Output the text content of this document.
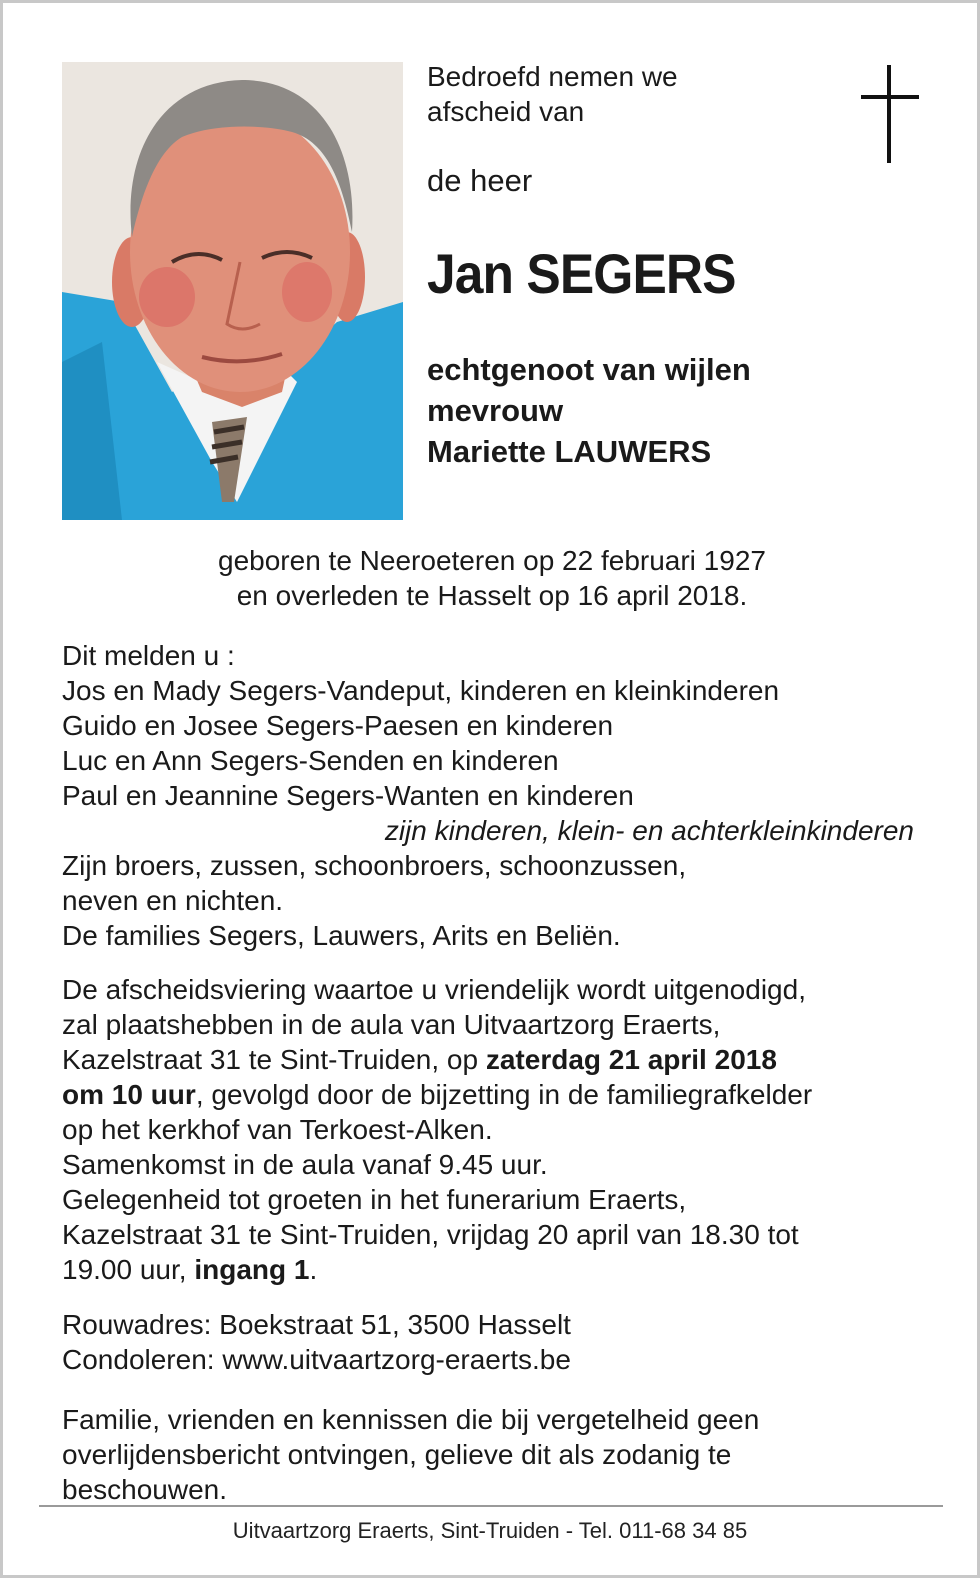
Bedroefd nemen we
afscheid van
de heer
Jan SEGERS
echtgenoot van wijlen
mevrouw
Mariette LAUWERS
geboren te Neeroeteren op 22 februari 1927
en overleden te Hasselt op 16 april 2018.

Dit melden u :

Jos en Mady Segers-Vandeput, kinderen en kleinkinderen

Guido en Josee Segers-Paesen en kinderen

Luc en Ann Segers-Senden en kinderen

Paul en Jeannine Segers-Wanten en kinderen

zijn kinderen, klein- en achterkleinkinderen

Zijn broers, zussen, schoonbroers, schoonzussen,

neven en nichten.

De families Segers, Lauwers, Arits en Beliën.

De afscheidsviering waartoe u vriendelijk wordt uitgenodigd,

zal plaatshebben in de aula van Uitvaartzorg Eraerts,

Kazelstraat 31 te Sint-Truiden, op zaterdag 21 april 2018

om 10 uur, gevolgd door de bijzetting in de familiegrafkelder

op het kerkhof van Terkoest-Alken.

Samenkomst in de aula vanaf 9.45 uur.

Gelegenheid tot groeten in het funerarium Eraerts,

Kazelstraat 31 te Sint-Truiden, vrijdag 20 april van 18.30 tot

19.00 uur, ingang 1.

Rouwadres: Boekstraat 51, 3500 Hasselt

Condoleren: www.uitvaartzorg-eraerts.be

Familie, vrienden en kennissen die bij vergetelheid geen

overlijdensbericht ontvingen, gelieve dit als zodanig te

beschouwen.

Uitvaartzorg Eraerts, Sint-Truiden - Tel. 011-68 34 85
